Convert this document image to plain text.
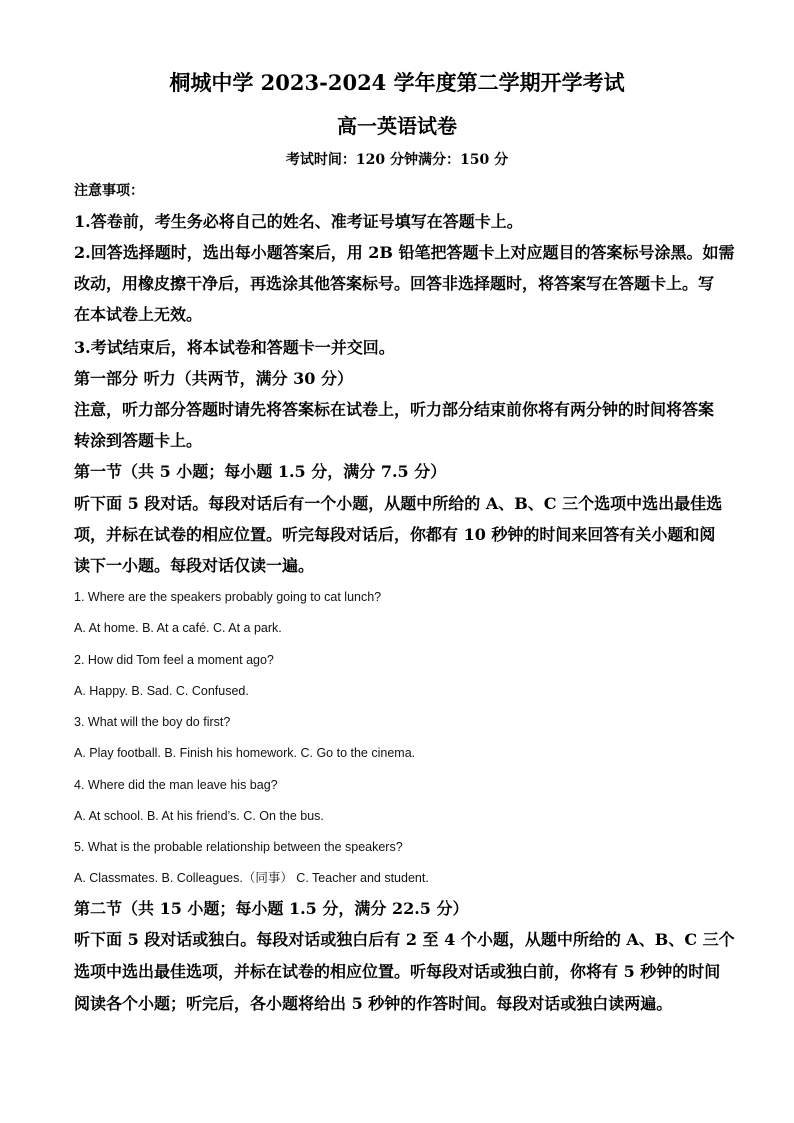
桐城中学 2023-2024 学年度第二学期开学考试
高一英语试卷
考试时间：120 分钟满分：150 分
注意事项：
1.答卷前，考生务必将自己的姓名、准考证号填写在答题卡上。
2.回答选择题时，选出每小题答案后，用 2B 铅笔把答题卡上对应题目的答案标号涂黑。如需
改动，用橡皮擦干净后，再选涂其他答案标号。回答非选择题时，将答案写在答题卡上。写
在本试卷上无效。
3.考试结束后，将本试卷和答题卡一并交回。
第一部分 听力（共两节，满分 30 分）
注意，听力部分答题时请先将答案标在试卷上，听力部分结束前你将有两分钟的时间将答案
转涂到答题卡上。
第一节（共 5 小题；每小题 1.5 分，满分 7.5 分）
听下面 5 段对话。每段对话后有一个小题，从题中所给的 A、B、C 三个选项中选出最佳选
项，并标在试卷的相应位置。听完每段对话后，你都有 10 秒钟的时间来回答有关小题和阅
读下一小题。每段对话仅读一遍。
1. Where are the speakers probably going to cat lunch?
A. At home. B. At a café. C. At a park.
2. How did Tom feel a moment ago?
A. Happy. B. Sad. C. Confused.
3. What will the boy do first?
A. Play football. B. Finish his homework. C. Go to the cinema.
4. Where did the man leave his bag?
A. At school. B. At his friend’s. C. On the bus.
5. What is the probable relationship between the speakers?
A. Classmates. B. Colleagues.（同事） C. Teacher and student.
第二节（共 15 小题；每小题 1.5 分，满分 22.5 分）
听下面 5 段对话或独白。每段对话或独白后有 2 至 4 个小题，从题中所给的 A、B、C 三个
选项中选出最佳选项，并标在试卷的相应位置。听每段对话或独白前，你将有 5 秒钟的时间
阅读各个小题；听完后，各小题将给出 5 秒钟的作答时间。每段对话或独白读两遍。
